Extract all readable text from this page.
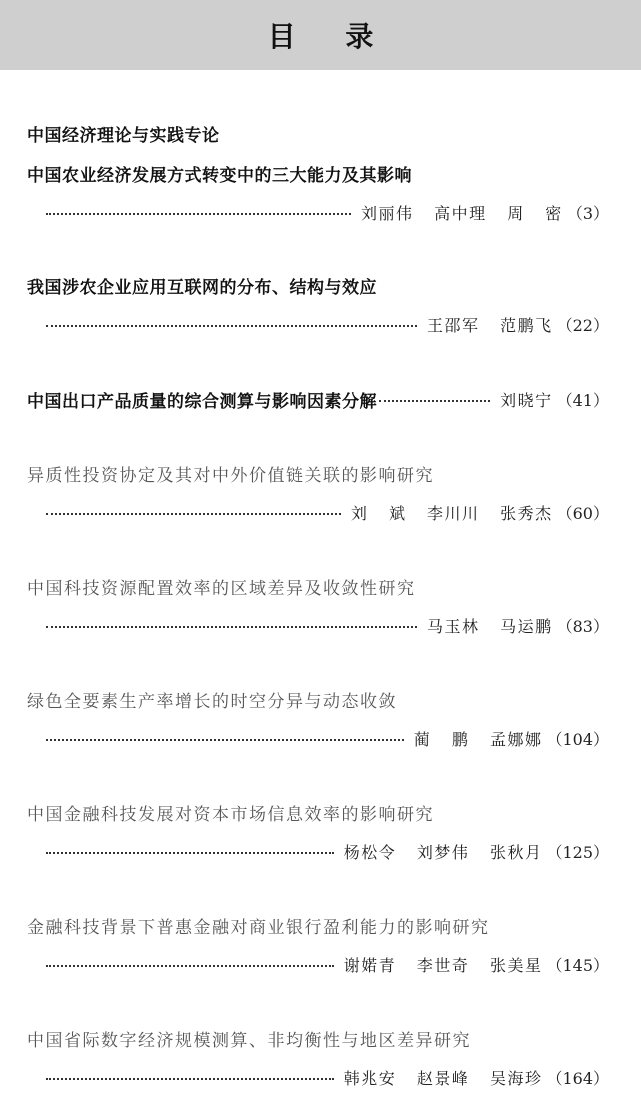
目 录
中国经济理论与实践专论
中国农业经济发展方式转变中的三大能力及其影响
刘丽伟 高中理 周 密 （3）
我国涉农企业应用互联网的分布、结构与效应
王邵军 范鹏飞 （22）
中国出口产品质量的综合测算与影响因素分解	刘晓宁 （41）
异质性投资协定及其对中外价值链关联的影响研究
刘 斌 李川川 张秀杰 （60）
中国科技资源配置效率的区域差异及收敛性研究
马玉林 马运鹏 （83）
绿色全要素生产率增长的时空分异与动态收敛
蔺 鹏 孟娜娜 （104）
中国金融科技发展对资本市场信息效率的影响研究
杨松令 刘梦伟 张秋月 （125）
金融科技背景下普惠金融对商业银行盈利能力的影响研究
谢婼青 李世奇 张美星 （145）
中国省际数字经济规模测算、非均衡性与地区差异研究
韩兆安 赵景峰 吴海珍 （164）
